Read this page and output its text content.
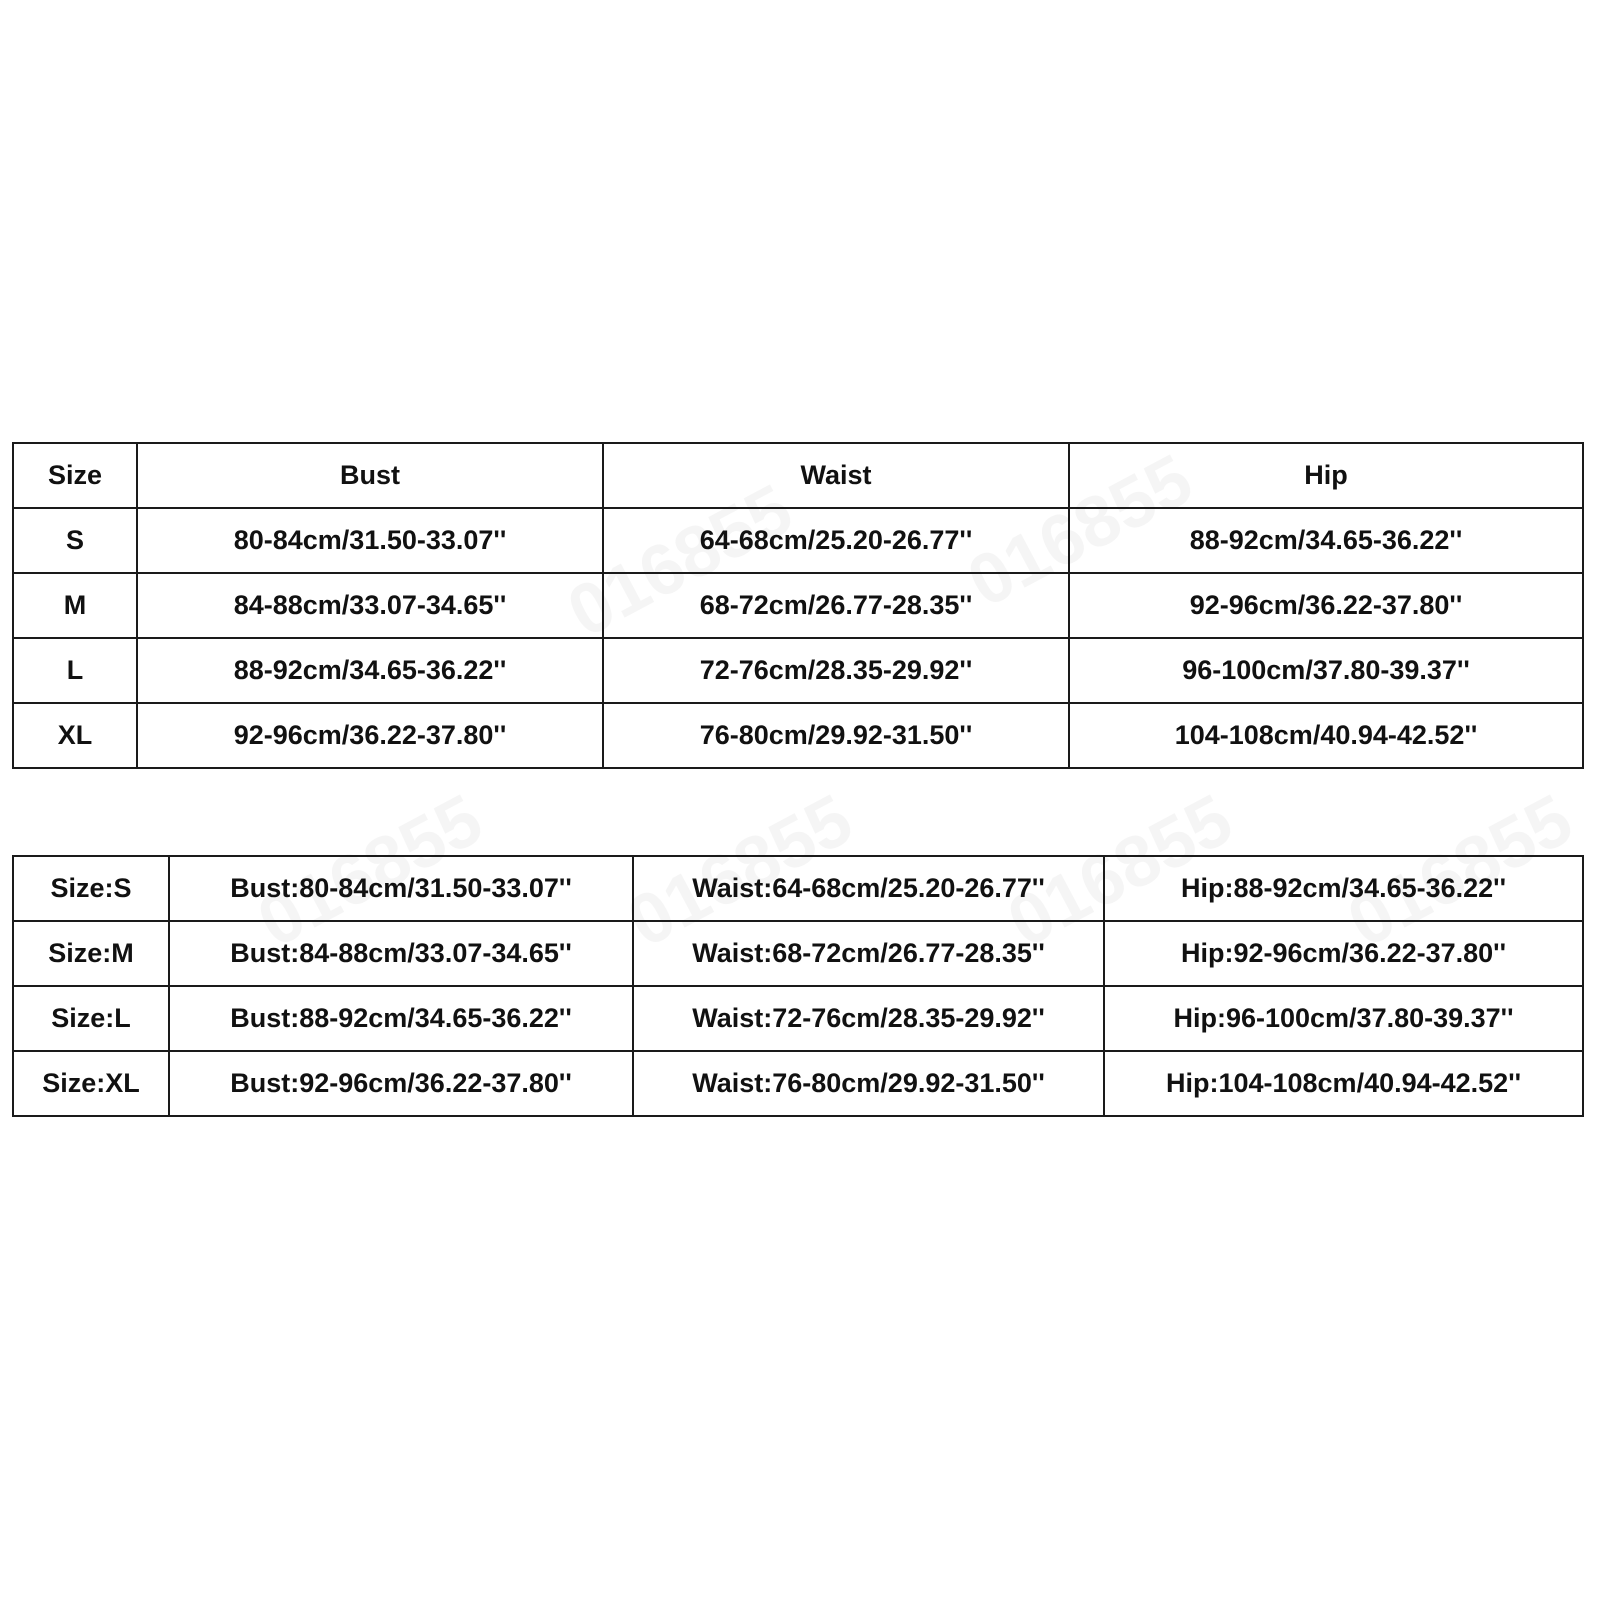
Size	Bust	Waist	Hip
S	80-84cm/31.50-33.07''	64-68cm/25.20-26.77''	88-92cm/34.65-36.22''
M	84-88cm/33.07-34.65''	68-72cm/26.77-28.35''	92-96cm/36.22-37.80''
L	88-92cm/34.65-36.22''	72-76cm/28.35-29.92''	96-100cm/37.80-39.37''
XL	92-96cm/36.22-37.80''	76-80cm/29.92-31.50''	104-108cm/40.94-42.52''
Size:S	Bust:80-84cm/31.50-33.07''	Waist:64-68cm/25.20-26.77''	Hip:88-92cm/34.65-36.22''
Size:M	Bust:84-88cm/33.07-34.65''	Waist:68-72cm/26.77-28.35''	Hip:92-96cm/36.22-37.80''
Size:L	Bust:88-92cm/34.65-36.22''	Waist:72-76cm/28.35-29.92''	Hip:96-100cm/37.80-39.37''
Size:XL	Bust:92-96cm/36.22-37.80''	Waist:76-80cm/29.92-31.50''	Hip:104-108cm/40.94-42.52''
